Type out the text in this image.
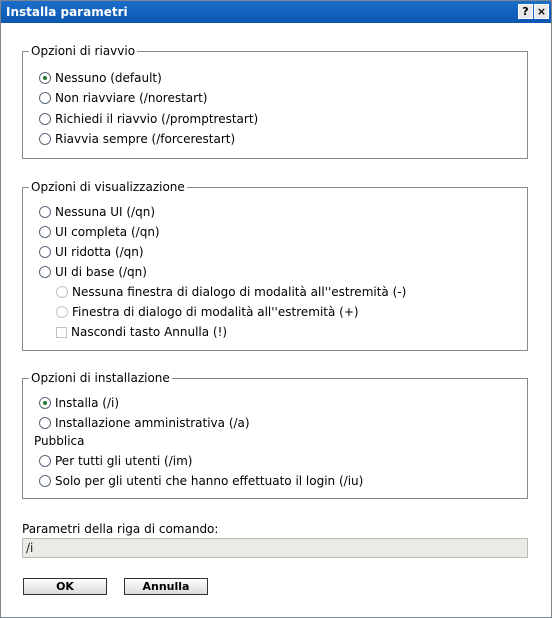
Installa parametri	? ×
Opzioni di riavvio
Nessuno (default)
Non riavviare (/norestart)
Richiedi il riavvio (/promptrestart)
Riavvia sempre (/forcerestart)
Opzioni di visualizzazione
Nessuna UI (/qn)
UI completa (/qn)
UI ridotta (/qn)
UI di base (/qn)
Nessuna finestra di dialogo di modalità all''estremità (-)
Finestra di dialogo di modalità all''estremità (+)
Nascondi tasto Annulla (!)
Opzioni di installazione
Installa (/i)
Installazione amministrativa (/a)
Pubblica
Per tutti gli utenti (/im)
Solo per gli utenti che hanno effettuato il login (/iu)
Parametri della riga di comando:
/i
OK	Annulla
